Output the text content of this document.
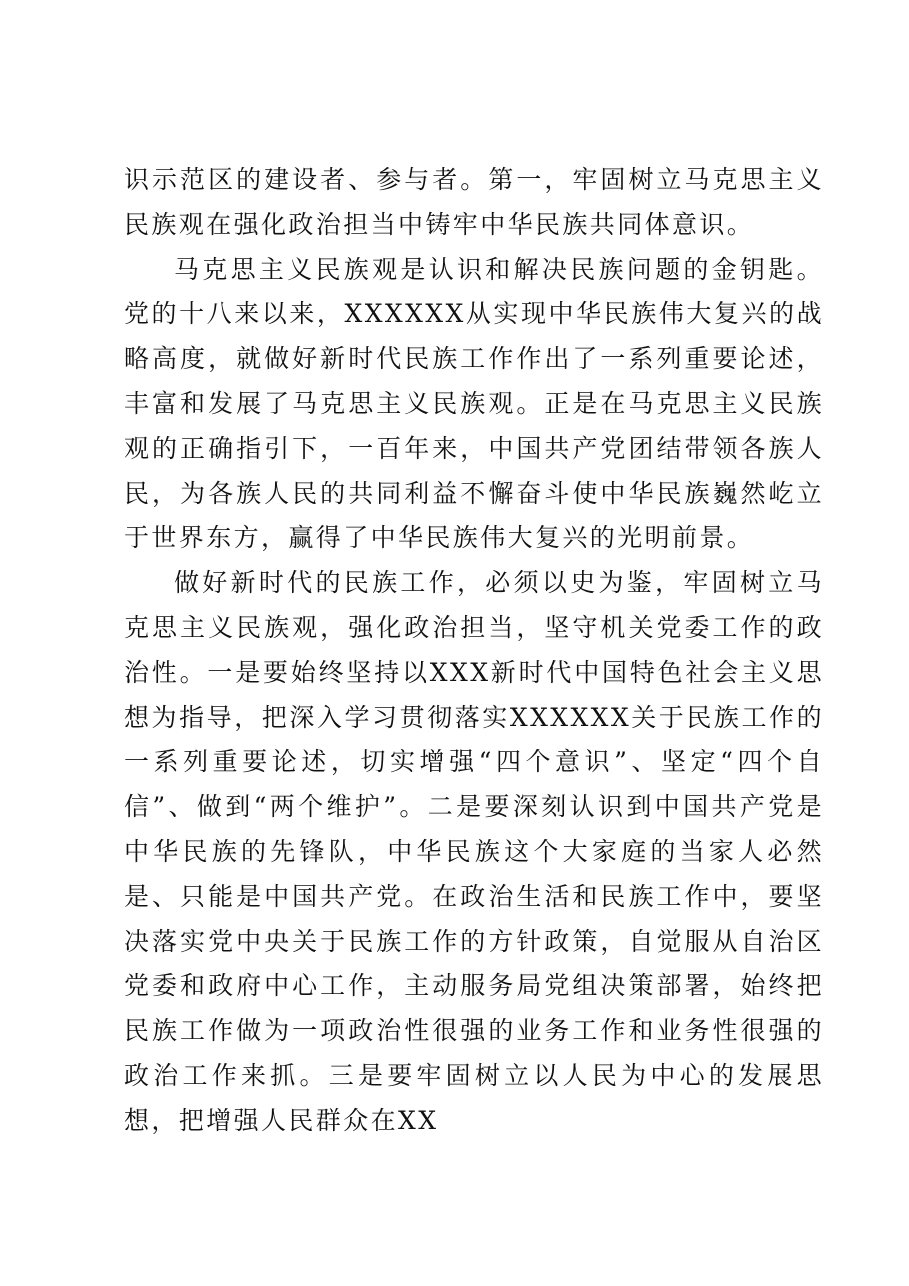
识示范区的建设者、参与者。第一，牢固树立马克思主义民族观在强化政治担当中铸牢中华民族共同体意识。

马克思主义民族观是认识和解决民族问题的金钥匙。党的十八来以来，XXXXXX从实现中华民族伟大复兴的战略高度，就做好新时代民族工作作出了一系列重要论述，丰富和发展了马克思主义民族观。正是在马克思主义民族观的正确指引下，一百年来，中国共产党团结带领各族人民，为各族人民的共同利益不懈奋斗使中华民族巍然屹立于世界东方，赢得了中华民族伟大复兴的光明前景。

做好新时代的民族工作，必须以史为鉴，牢固树立马克思主义民族观，强化政治担当，坚守机关党委工作的政治性。一是要始终坚持以XXX新时代中国特色社会主义思想为指导，把深入学习贯彻落实XXXXXX关于民族工作的一系列重要论述，切实增强“四个意识”、坚定“四个自信”、做到“两个维护”。二是要深刻认识到中国共产党是中华民族的先锋队，中华民族这个大家庭的当家人必然是、只能是中国共产党。在政治生活和民族工作中，要坚决落实党中央关于民族工作的方针政策，自觉服从自治区党委和政府中心工作，主动服务局党组决策部署，始终把民族工作做为一项政治性很强的业务工作和业务性很强的政治工作来抓。三是要牢固树立以人民为中心的发展思想，把增强人民群众在XX
